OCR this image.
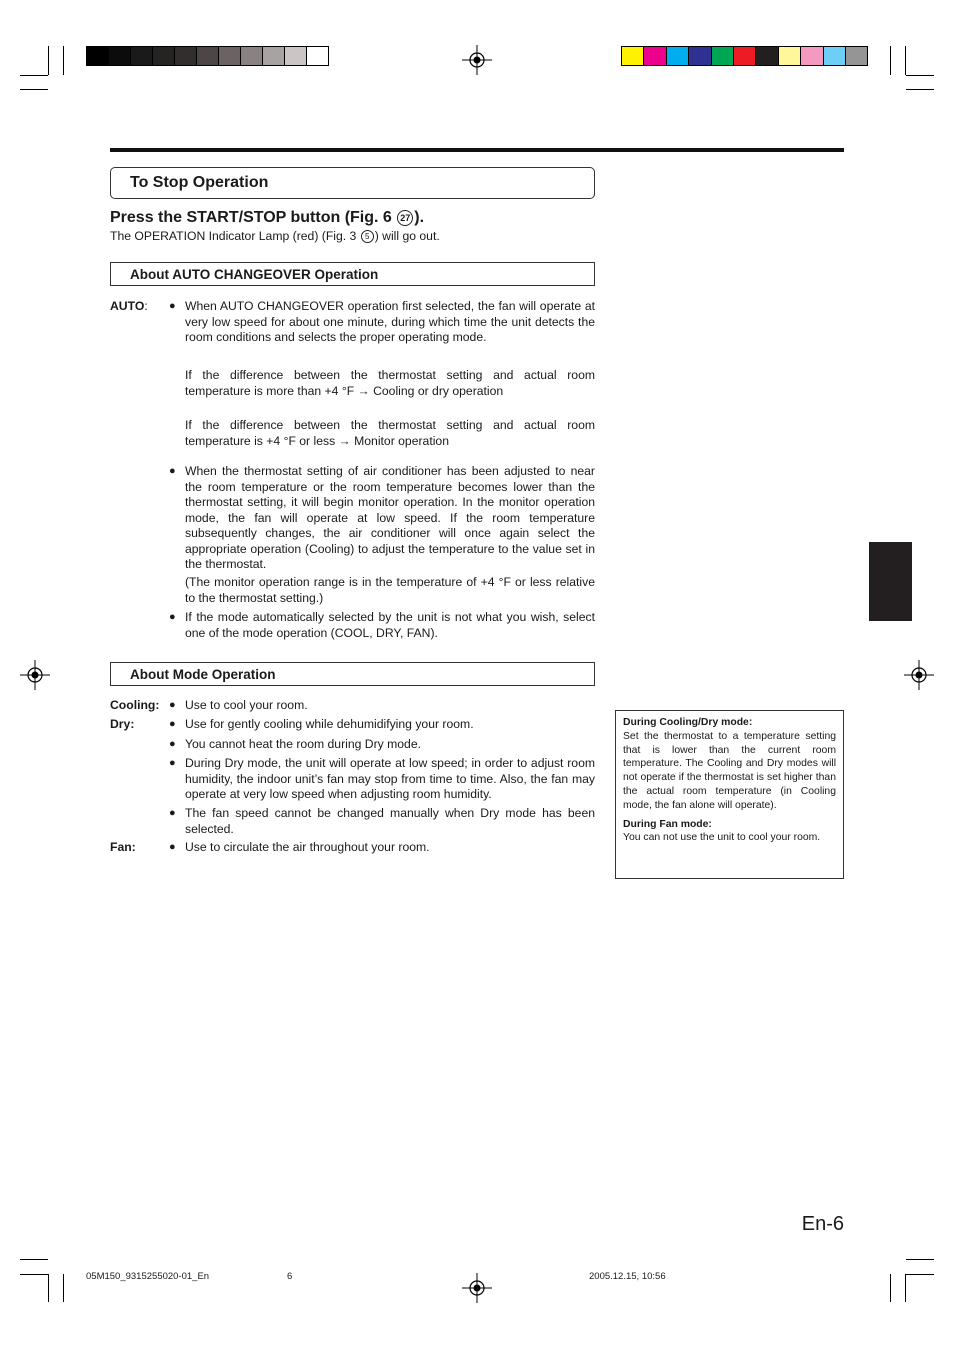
To Stop Operation
Press the START/STOP button (Fig. 6 27 ).
The OPERATION Indicator Lamp (red) (Fig. 3 5 ) will go out.
About AUTO CHANGEOVER Operation
AUTO: ● When AUTO CHANGEOVER operation first selected, the fan will operate at very low speed for about one minute, during which time the unit detects the room conditions and selects the proper operating mode.
If the difference between the thermostat setting and actual room temperature is more than +4 °F → Cooling or dry operation
If the difference between the thermostat setting and actual room temperature is +4 °F or less → Monitor operation
● When the thermostat setting of air conditioner has been adjusted to near the room temperature or the room temperature becomes lower than the thermostat setting, it will begin monitor operation. In the monitor operation mode, the fan will operate at low speed. If the room temperature subsequently changes, the air conditioner will once again select the appropriate operation (Cooling) to adjust the temperature to the value set in the thermostat.
(The monitor operation range is in the temperature of +4 °F or less relative to the thermostat setting.)
● If the mode automatically selected by the unit is not what you wish, select one of the mode operation (COOL, DRY, FAN).
About Mode Operation
Cooling: ● Use to cool your room.
Dry:	● Use for gently cooling while dehumidifying your room.
● You cannot heat the room during Dry mode.
● During Dry mode, the unit will operate at low speed; in order to adjust room humidity, the indoor unit’s fan may stop from time to time. Also, the fan may operate at very low speed when adjusting room humidity.
● The fan speed cannot be changed manually when Dry mode has been selected.
Fan:	● Use to circulate the air throughout your room.

During Cooling/Dry mode:

Set the thermostat to a temperature setting that is lower than the current room temperature. The Cooling and Dry modes will not operate if the thermostat is set higher than the actual room temperature (in Cooling mode, the fan alone will operate).

During Fan mode:

You can not use the unit to cool your room.

En-6
05M150_9315255020-01_En	6	2005.12.15, 10:56
